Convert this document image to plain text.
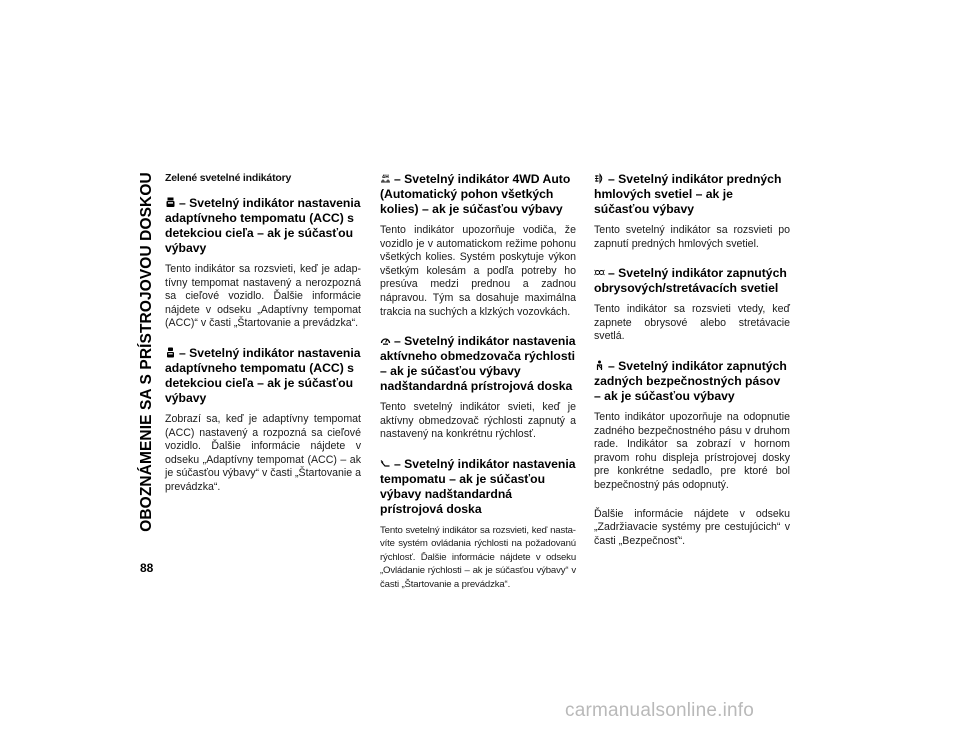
OBOZNÁMENIE SA S PRÍSTROJOVOU DOSKOU
88
Zelené svetelné indikátory
– Svetelný indikátor nastavenia adaptívneho tempomatu (ACC) s detekciou cieľa – ak je súčasťou výbavy

Tento indikátor sa rozsvieti, keď je adaptívny tempomat nastavený a nerozpozná sa cieľové vozidlo. Ďalšie informácie nájdete v odseku „Adaptívny tempomat (ACC)“ v časti „Štartovanie a prevádzka“.

– Svetelný indikátor nastavenia adaptívneho tempomatu (ACC) s detekciou cieľa – ak je súčasťou výbavy

Zobrazí sa, keď je adaptívny tempomat (ACC) nastavený a rozpozná sa cieľové vozidlo. Ďalšie informácie nájdete v odseku „Adaptívny tempomat (ACC) – ak je súčasťou výbavy“ v časti „Štartovanie a prevádzka“.

4H – Svetelný indikátor 4WD Auto (Automatický pohon všetkých kolies) – ak je súčasťou výbavy

Tento indikátor upozorňuje vodiča, že vozidlo je v automatickom režime pohonu všetkých kolies. Systém poskytuje výkon všetkým kolesám a podľa potreby ho presúva medzi prednou a zadnou nápravou. Tým sa dosahuje maximálna trakcia na suchých a klzkých vozovkách.

– Svetelný indikátor nastavenia aktívneho obmedzovača rýchlosti – ak je súčasťou výbavy nadštandardná prístrojová doska

Tento svetelný indikátor svieti, keď je aktívny obmedzovač rýchlosti zapnutý a nastavený na konkrétnu rýchlosť.

– Svetelný indikátor nastavenia tempomatu – ak je súčasťou výbavy nadštandardná prístrojová doska

Tento svetelný indikátor sa rozsvieti, keď nastavíte systém ovládania rýchlosti na požadovanú rýchlosť. Ďalšie informácie nájdete v odseku „Ovládanie rýchlosti – ak je súčasťou výbavy“ v časti „Štartovanie a prevádzka“.

– Svetelný indikátor predných hmlových svetiel – ak je súčasťou výbavy

Tento svetelný indikátor sa rozsvieti po zapnutí predných hmlových svetiel.

– Svetelný indikátor zapnutých obrysových/stretávacích svetiel

Tento indikátor sa rozsvieti vtedy, keď zapnete obrysové alebo stretávacie svetlá.

– Svetelný indikátor zapnutých zadných bezpečnostných pásov – ak je súčasťou výbavy

Tento indikátor upozorňuje na odopnutie zadného bezpečnostného pásu v druhom rade. Indikátor sa zobrazí v hornom pravom rohu displeja prístrojovej dosky pre konkrétne sedadlo, pre ktoré bol bezpečnostný pás odopnutý.

Ďalšie informácie nájdete v odseku „Zadržiavacie systémy pre cestujúcich“ v časti „Bezpečnosť“.

carmanualsonline.info
